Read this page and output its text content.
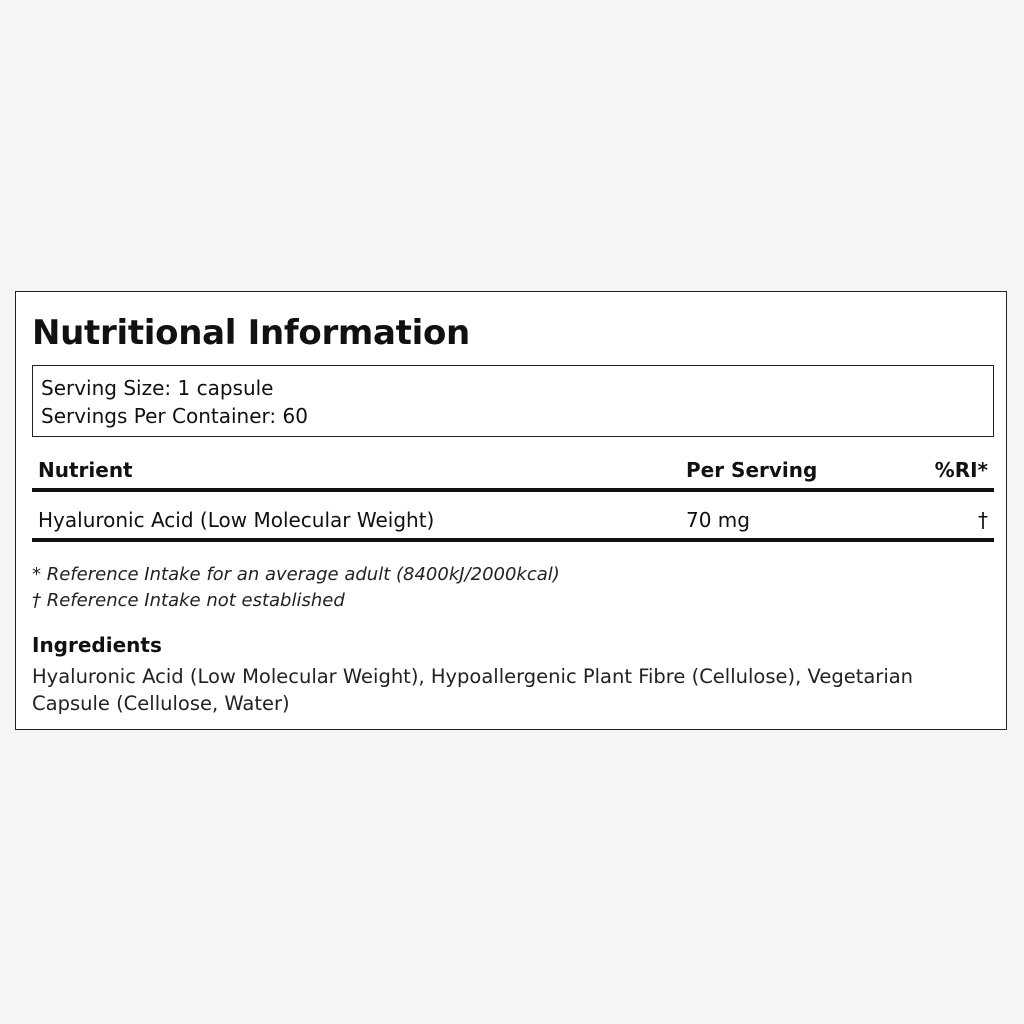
Nutritional Information
Serving Size: 1 capsule
Servings Per Container: 60
Nutrient	Per Serving	%RI*
Hyaluronic Acid (Low Molecular Weight)	70 mg	†
* Reference Intake for an average adult (8400kJ/2000kcal)
† Reference Intake not established
Ingredients

Hyaluronic Acid (Low Molecular Weight), Hypoallergenic Plant Fibre (Cellulose), Vegetarian Capsule (Cellulose, Water)
